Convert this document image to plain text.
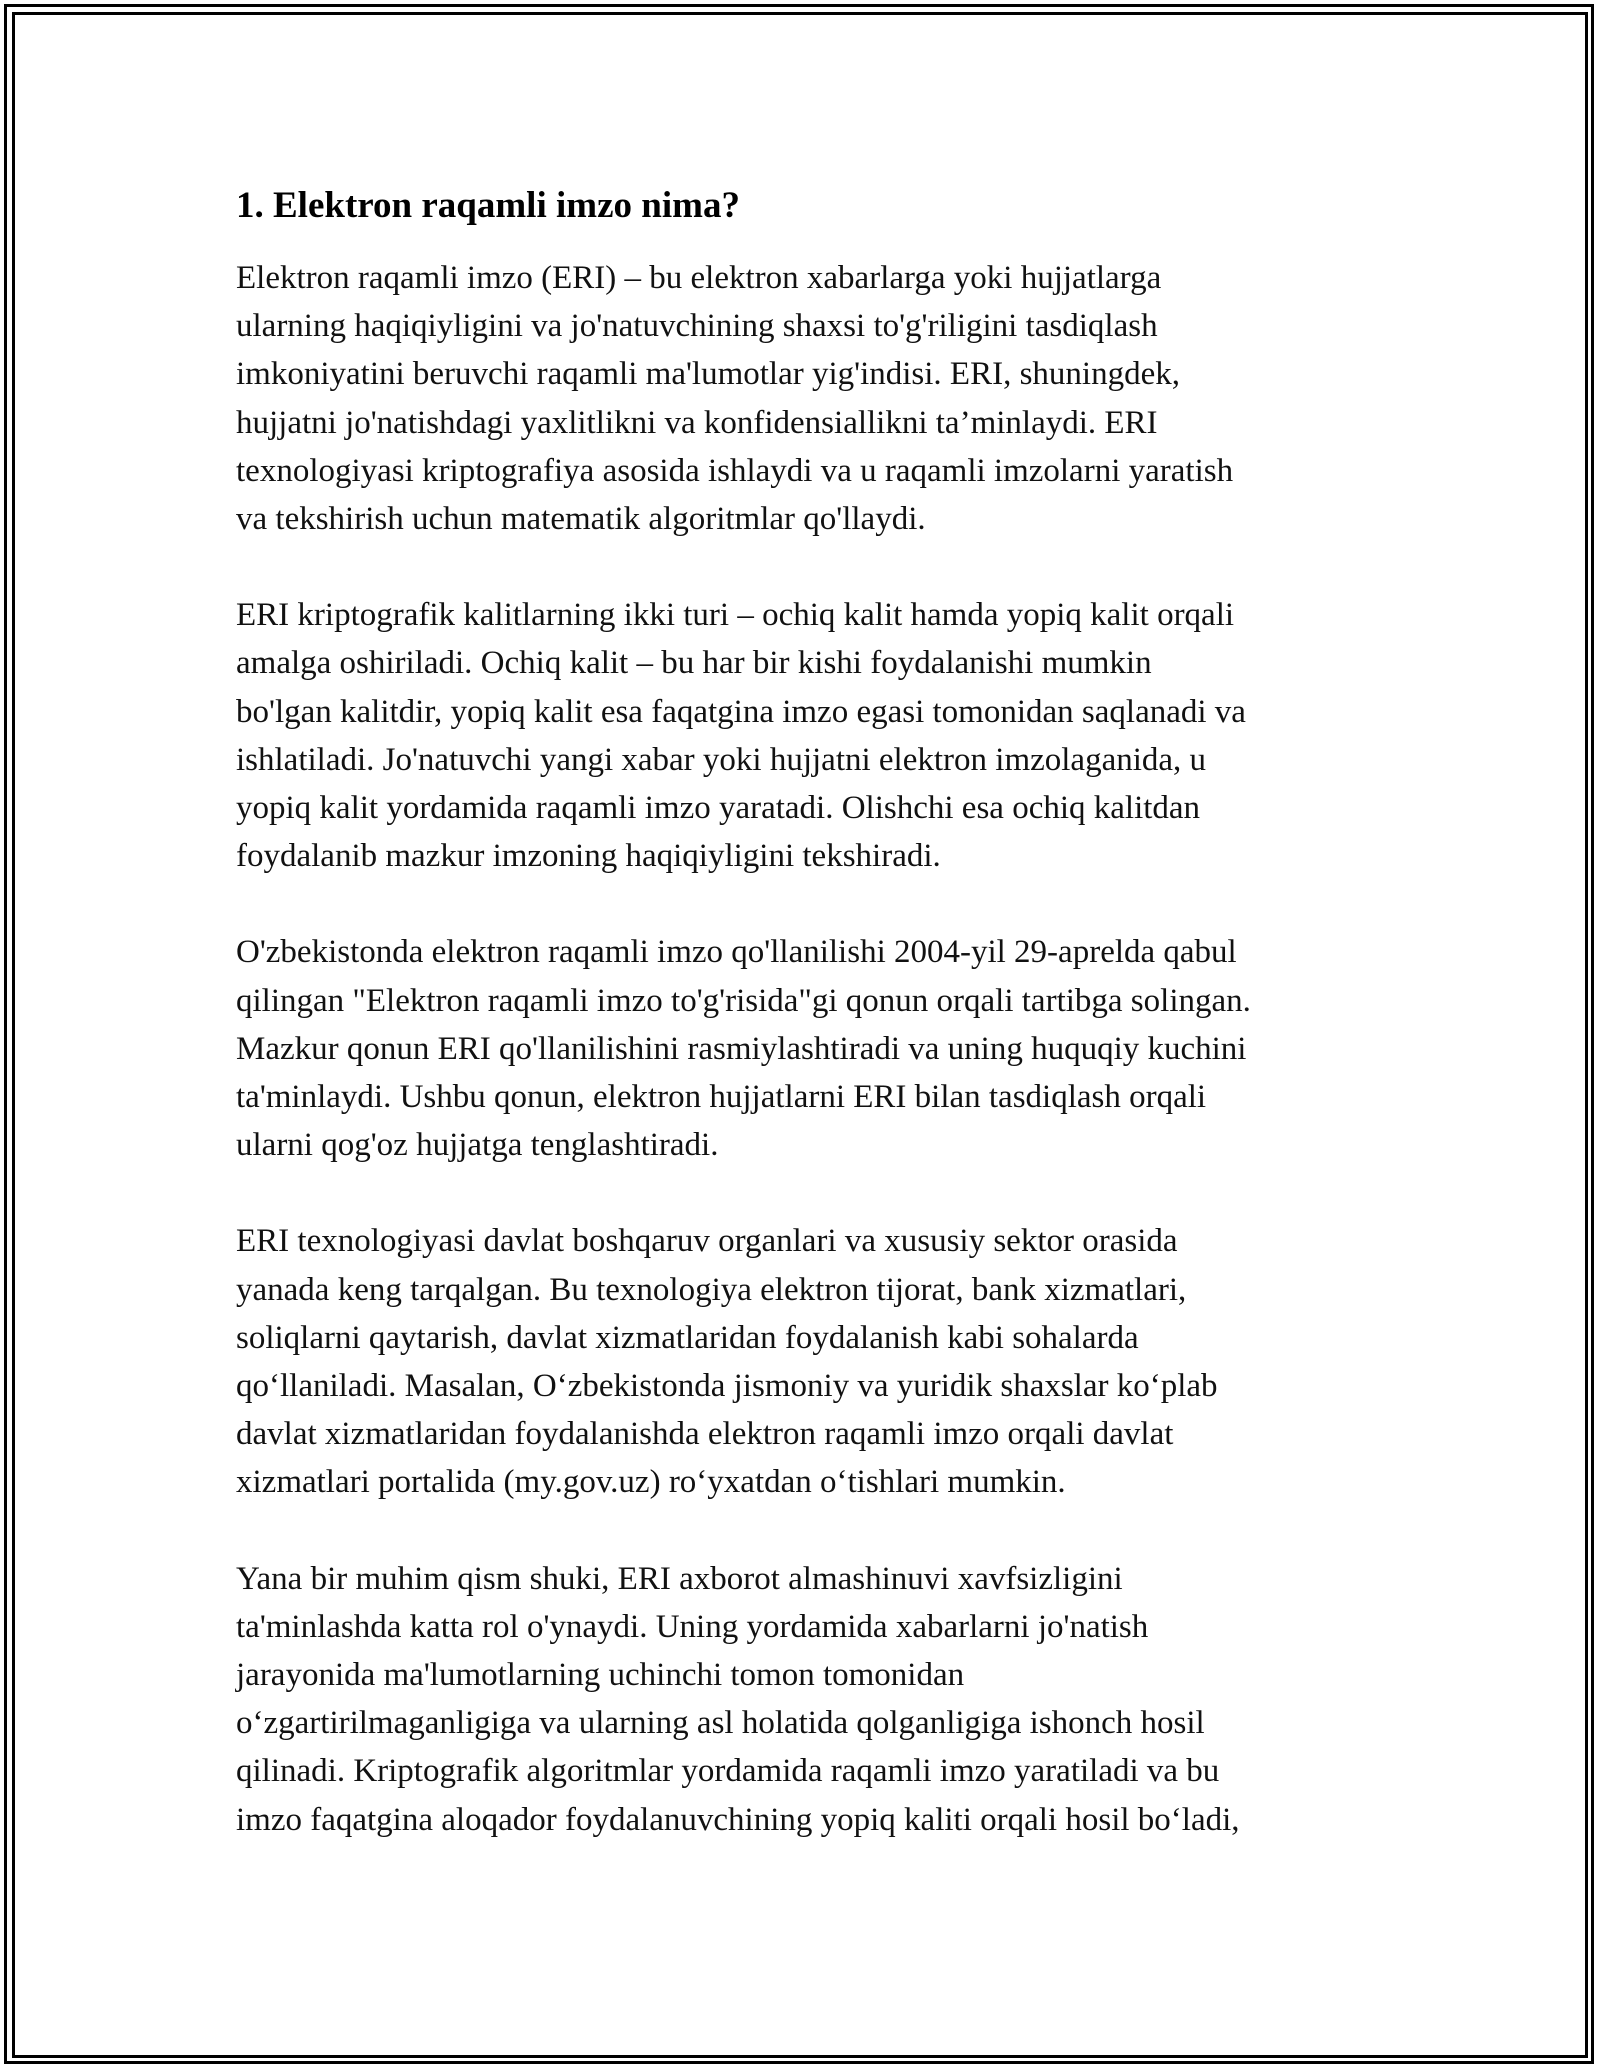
1. Elektron raqamli imzo nima?

Elektron raqamli imzo (ERI) – bu elektron xabarlarga yoki hujjatlarga
ularning haqiqiyligini va jo'natuvchining shaxsi to'g'riligini tasdiqlash
imkoniyatini beruvchi raqamli ma'lumotlar yig'indisi. ERI, shuningdek,
hujjatni jo'natishdagi yaxlitlikni va konfidensiallikni ta’minlaydi. ERI
texnologiyasi kriptografiya asosida ishlaydi va u raqamli imzolarni yaratish
va tekshirish uchun matematik algoritmlar qo'llaydi.

ERI kriptografik kalitlarning ikki turi – ochiq kalit hamda yopiq kalit orqali
amalga oshiriladi. Ochiq kalit – bu har bir kishi foydalanishi mumkin
bo'lgan kalitdir, yopiq kalit esa faqatgina imzo egasi tomonidan saqlanadi va
ishlatiladi. Jo'natuvchi yangi xabar yoki hujjatni elektron imzolaganida, u
yopiq kalit yordamida raqamli imzo yaratadi. Olishchi esa ochiq kalitdan
foydalanib mazkur imzoning haqiqiyligini tekshiradi.

O'zbekistonda elektron raqamli imzo qo'llanilishi 2004-yil 29-aprelda qabul
qilingan "Elektron raqamli imzo to'g'risida"gi qonun orqali tartibga solingan.
Mazkur qonun ERI qo'llanilishini rasmiylashtiradi va uning huquqiy kuchini
ta'minlaydi. Ushbu qonun, elektron hujjatlarni ERI bilan tasdiqlash orqali
ularni qog'oz hujjatga tenglashtiradi.

ERI texnologiyasi davlat boshqaruv organlari va xususiy sektor orasida
yanada keng tarqalgan. Bu texnologiya elektron tijorat, bank xizmatlari,
soliqlarni qaytarish, davlat xizmatlaridan foydalanish kabi sohalarda
qo‘llaniladi. Masalan, O‘zbekistonda jismoniy va yuridik shaxslar ko‘plab
davlat xizmatlaridan foydalanishda elektron raqamli imzo orqali davlat
xizmatlari portalida (my.gov.uz) ro‘yxatdan o‘tishlari mumkin.

Yana bir muhim qism shuki, ERI axborot almashinuvi xavfsizligini
ta'minlashda katta rol o'ynaydi. Uning yordamida xabarlarni jo'natish
jarayonida ma'lumotlarning uchinchi tomon tomonidan
o‘zgartirilmaganligiga va ularning asl holatida qolganligiga ishonch hosil
qilinadi. Kriptografik algoritmlar yordamida raqamli imzo yaratiladi va bu
imzo faqatgina aloqador foydalanuvchining yopiq kaliti orqali hosil bo‘ladi,
